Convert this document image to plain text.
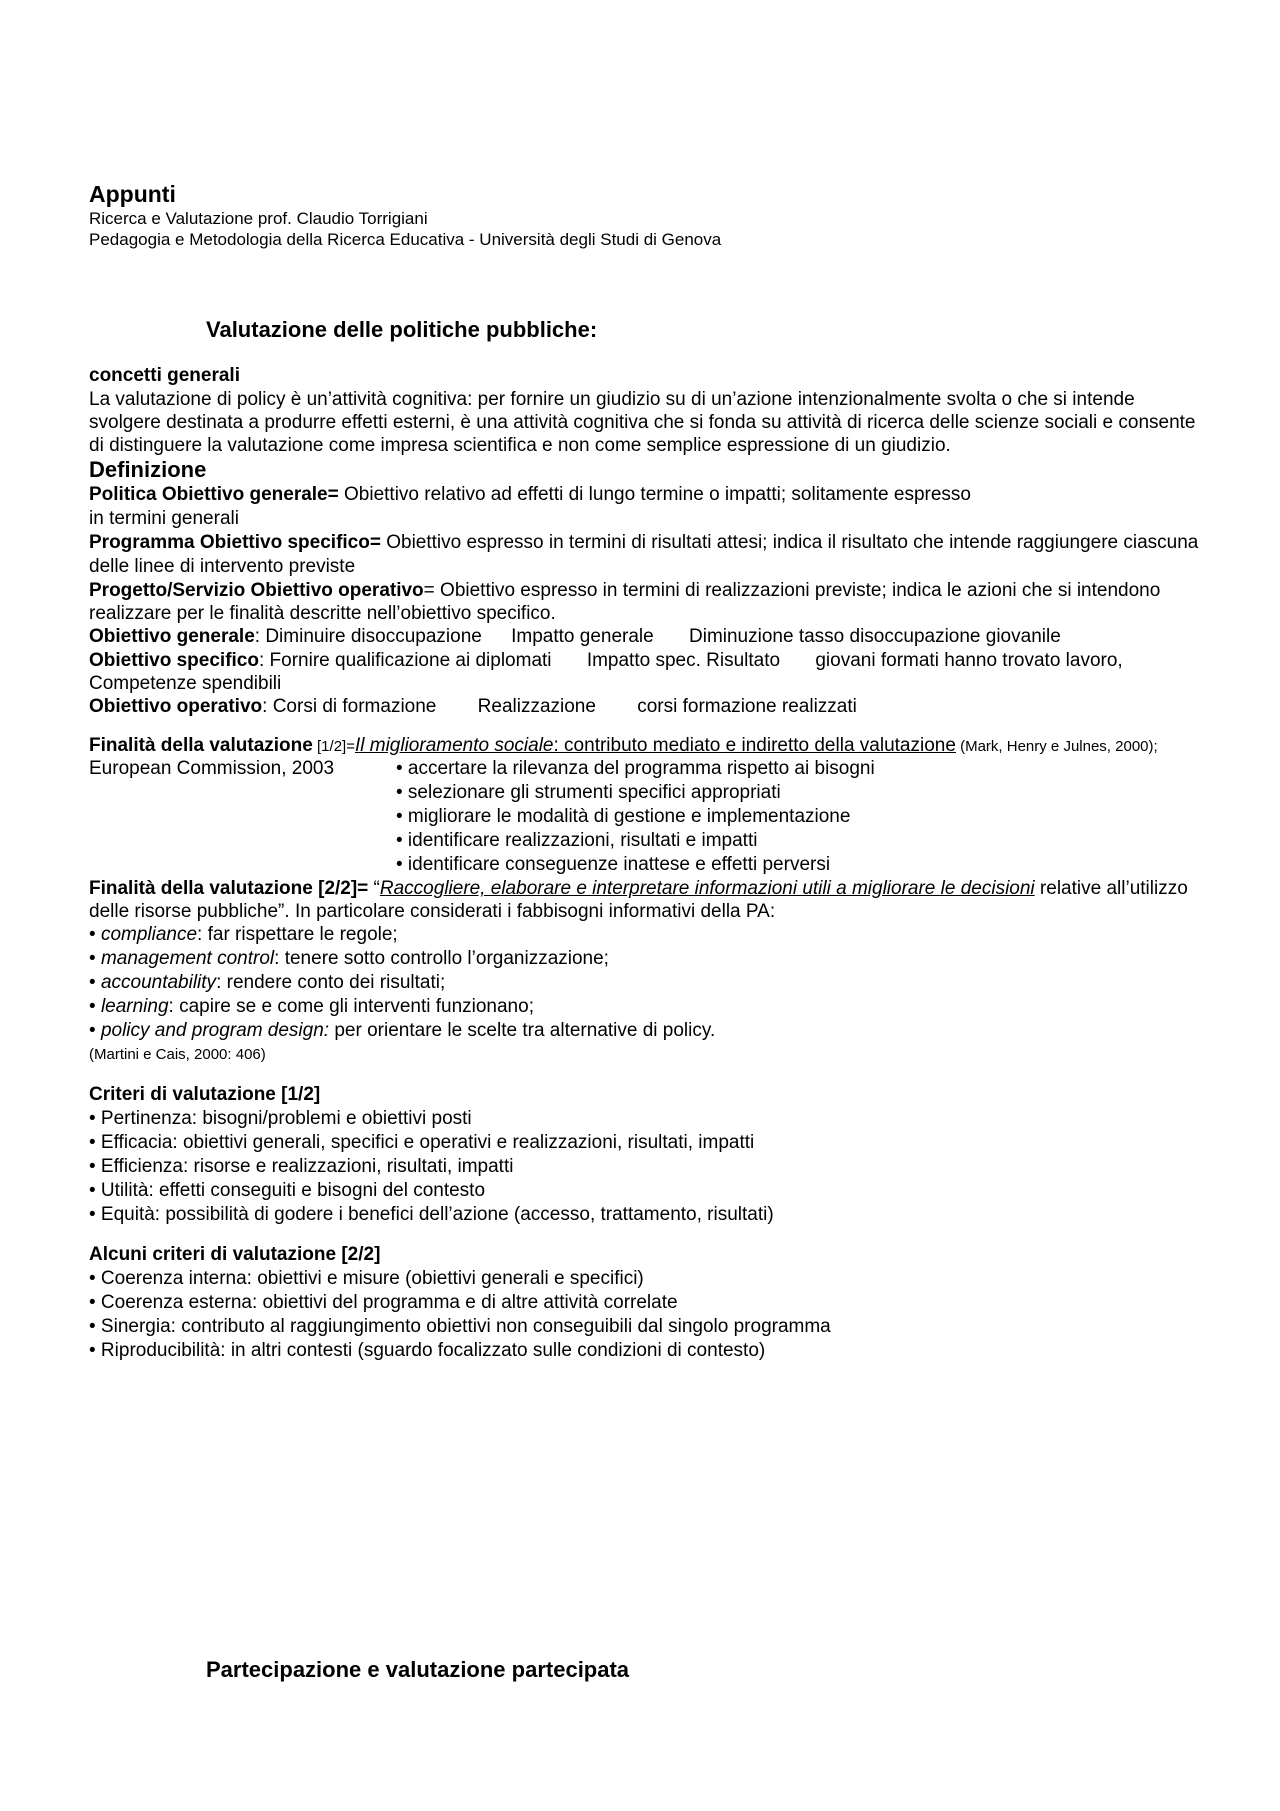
Appunti
Ricerca e Valutazione prof. Claudio Torrigiani
Pedagogia e Metodologia della Ricerca Educativa - Università degli Studi di Genova
Valutazione delle politiche pubbliche:

concetti generali

La valutazione di policy è un’attività cognitiva: per fornire un giudizio su di un’azione intenzionalmente svolta o che si intende svolgere destinata a produrre effetti esterni, è una attività cognitiva che si fonda su attività di ricerca delle scienze sociali e consente di distinguere la valutazione come impresa scientifica e non come semplice espressione di un giudizio.

Definizione

Politica Obiettivo generale= Obiettivo relativo ad effetti di lungo termine o impatti; solitamente espresso

in termini generali

Programma Obiettivo specifico= Obiettivo espresso in termini di risultati attesi; indica il risultato che intende raggiungere ciascuna delle linee di intervento previste

Progetto/Servizio Obiettivo operativo= Obiettivo espresso in termini di realizzazioni previste; indica le azioni che si intendono realizzare per le finalità descritte nell’obiettivo specifico.

Obiettivo generale: Diminuire disoccupazione Impatto generale Diminuzione tasso disoccupazione giovanile

Obiettivo specifico: Fornire qualificazione ai diplomati Impatto spec. Risultato giovani formati hanno trovato lavoro, Competenze spendibili

Obiettivo operativo: Corsi di formazione Realizzazione corsi formazione realizzati

Finalità della valutazione [1/2]=Il miglioramento sociale: contributo mediato e indiretto della valutazione (Mark, Henry e Julnes, 2000);

European Commission, 2003	• accertare la rilevanza del programma rispetto ai bisogni

• selezionare gli strumenti specifici appropriati

• migliorare le modalità di gestione e implementazione

• identificare realizzazioni, risultati e impatti

• identificare conseguenze inattese e effetti perversi

Finalità della valutazione [2/2]= “Raccogliere, elaborare e interpretare informazioni utili a migliorare le decisioni relative all’utilizzo delle risorse pubbliche”. In particolare considerati i fabbisogni informativi della PA:

• compliance: far rispettare le regole;

• management control: tenere sotto controllo l’organizzazione;

• accountability: rendere conto dei risultati;

• learning: capire se e come gli interventi funzionano;

• policy and program design: per orientare le scelte tra alternative di policy.

(Martini e Cais, 2000: 406)

Criteri di valutazione [1/2]

• Pertinenza: bisogni/problemi e obiettivi posti

• Efficacia: obiettivi generali, specifici e operativi e realizzazioni, risultati, impatti

• Efficienza: risorse e realizzazioni, risultati, impatti

• Utilità: effetti conseguiti e bisogni del contesto

• Equità: possibilità di godere i benefici dell’azione (accesso, trattamento, risultati)

Alcuni criteri di valutazione [2/2]

• Coerenza interna: obiettivi e misure (obiettivi generali e specifici)

• Coerenza esterna: obiettivi del programma e di altre attività correlate

• Sinergia: contributo al raggiungimento obiettivi non conseguibili dal singolo programma

• Riproducibilità: in altri contesti (sguardo focalizzato sulle condizioni di contesto)

Partecipazione e valutazione partecipata
